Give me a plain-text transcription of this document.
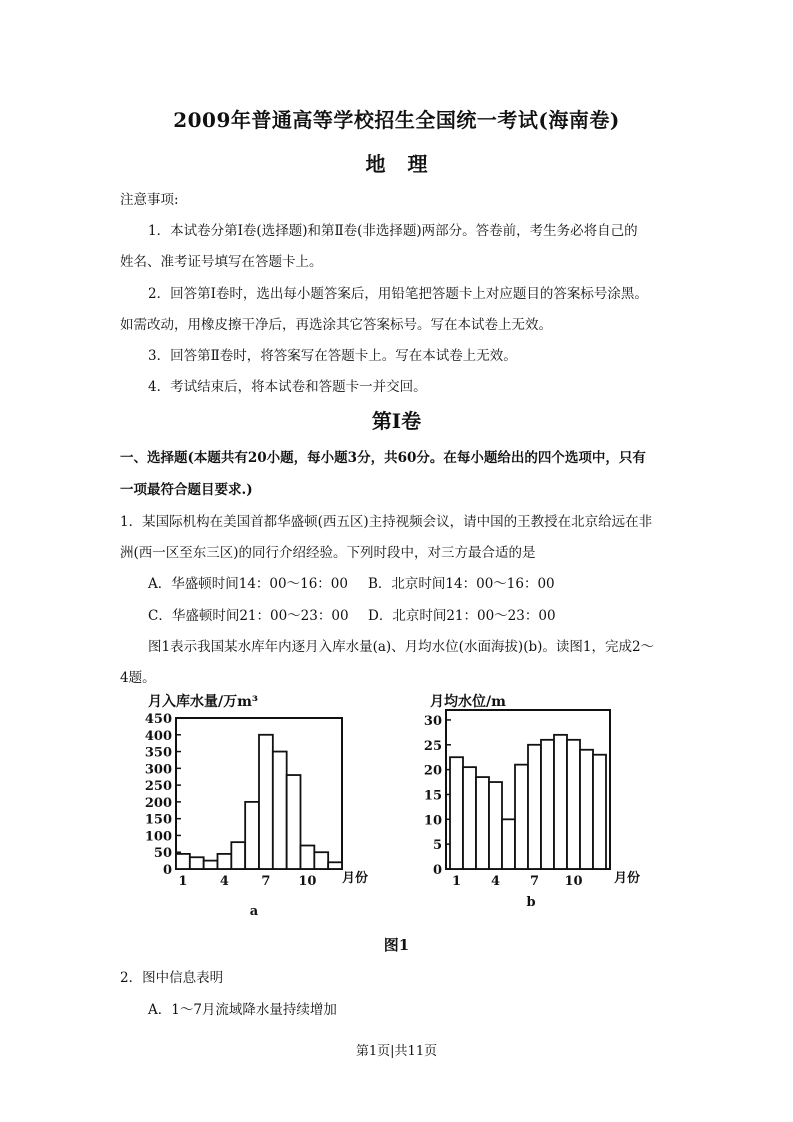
2009年普通高等学校招生全国统一考试(海南卷)
地理
注意事项:
1．本试卷分第Ⅰ卷(选择题)和第Ⅱ卷(非选择题)两部分。答卷前，考生务必将自己的
姓名、准考证号填写在答题卡上。
2．回答第Ⅰ卷时，选出每小题答案后，用铅笔把答题卡上对应题目的答案标号涂黑。
如需改动，用橡皮擦干净后，再选涂其它答案标号。写在本试卷上无效。
3．回答第Ⅱ卷时，将答案写在答题卡上。写在本试卷上无效。
4．考试结束后，将本试卷和答题卡一并交回。
第Ⅰ卷
一、选择题(本题共有20小题，每小题3分，共60分。在每小题给出的四个选项中，只有
一项最符合题目要求.)
1．某国际机构在美国首都华盛顿(西五区)主持视频会议，请中国的王教授在北京给远在非
洲(西一区至东三区)的同行介绍经验。下列时段中，对三方最合适的是
A．华盛顿时间14：00～16：00 B．北京时间14：00～16：00
C．华盛顿时间21：00～23：00 D．北京时间21：00～23：00
图1表示我国某水库年内逐月入库水量(a)、月均水位(水面海拔)(b)。读图1，完成2～
4题。
月入库水量/万m³
0
50
100
150
200
250
300
350
400
450
1 4 7 10 月份
a
月均水位/m
0
5
10
15
20
25
30
1 4 7 10 月份
b
图1
2．图中信息表明
A．1～7月流域降水量持续增加
第1页|共11页
